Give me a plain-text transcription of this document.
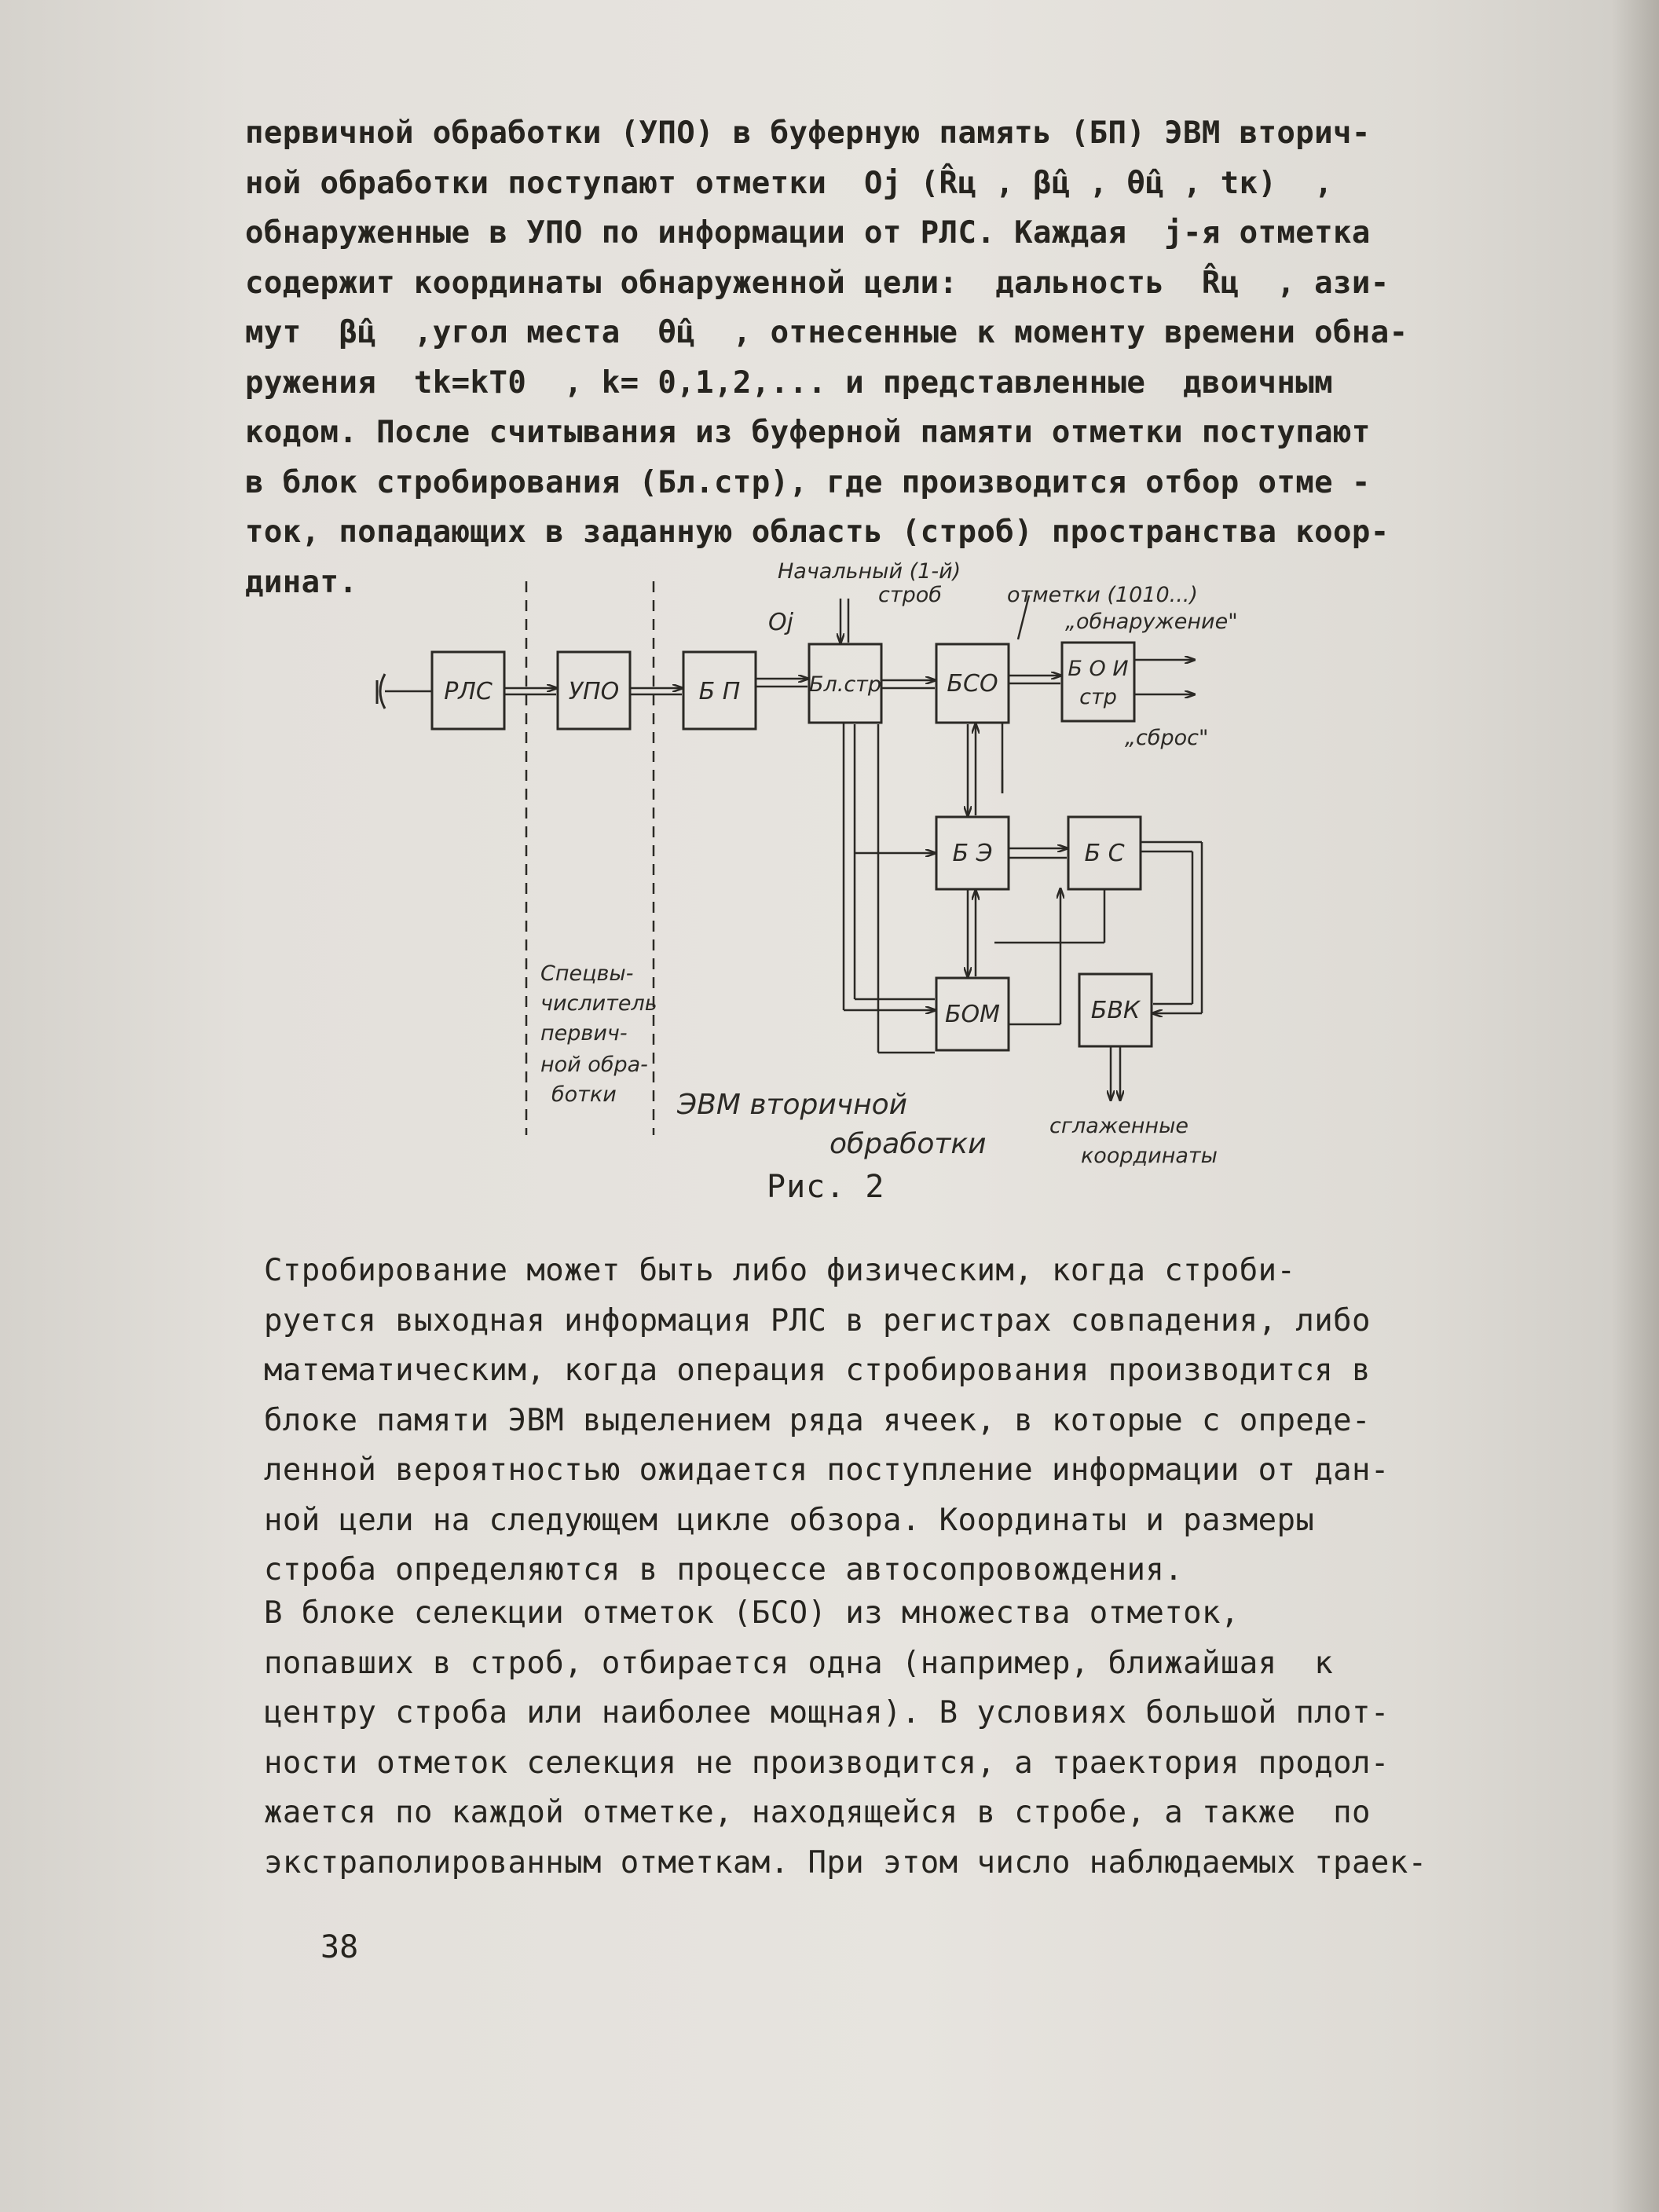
первичной обработки (УПО) в буферную память (БП) ЭВМ вторич-
ной обработки поступают отметки  Oj (R̂ц , β̂ц , θ̂ц , tк)  ,
обнаруженные в УПО по информации от РЛС. Каждая  j-я отметка
содержит координаты обнаруженной цели:  дальность  R̂ц  , ази-
мут  β̂ц  ,угол места  θ̂ц  , отнесенные к моменту времени обна-
ружения  tk=kT0  , k= 0,1,2,... и представленные  двоичным
кодом. После считывания из буферной памяти отметки поступают
в блок стробирования (Бл.стр), где производится отбор отме -
ток, попадающих в заданную область (строб) пространства коор-
динат.

РЛС	УПО	Б П	Бл.стр	БСО
Б О И
стр
Б Э	Б С
БОМ	БВК
Начальный (1-й)
строб
Oj
отметки (1010...)
„обнаружение"
„сброс"
Спецвы-
числитель
первич-
ной обра-
ботки ЭВМ вторичной
обработки
сглаженные
координаты
Рис. 2

Стробирование может быть либо физическим, когда строби-
руется выходная информация РЛС в регистрах совпадения, либо
математическим, когда операция стробирования производится в
блоке памяти ЭВМ выделением ряда ячеек, в которые с опреде-
ленной вероятностью ожидается поступление информации от дан-
ной цели на следующем цикле обзора. Координаты и размеры
строба определяются в процессе автосопровождения.

В блоке селекции отметок (БСО) из множества отметок,
попавших в строб, отбирается одна (например, ближайшая  к
центру строба или наиболее мощная). В условиях большой плот-
ности отметок селекция не производится, а траектория продол-
жается по каждой отметке, находящейся в стробе, а также  по
экстраполированным отметкам. При этом число наблюдаемых траек-

38
